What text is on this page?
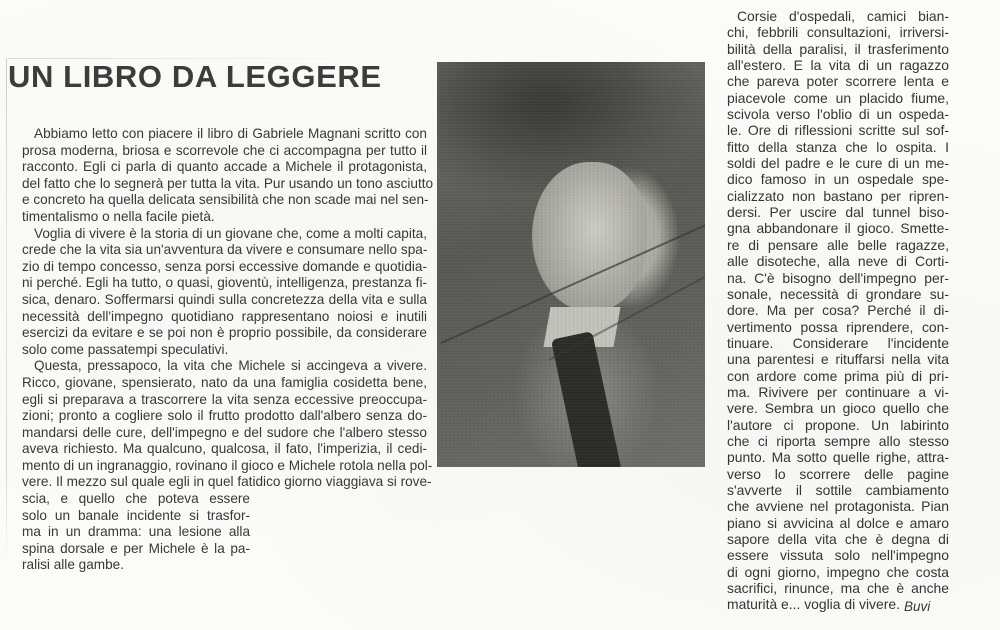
UN LIBRO DA LEGGERE
Abbiamo letto con piacere il libro di Gabriele Magnani scritto con
prosa moderna, briosa e scorrevole che ci accompagna per tutto il
racconto. Egli ci parla di quanto accade a Michele il protagonista,
del fatto che lo segnerà per tutta la vita. Pur usando un tono asciutto
e concreto ha quella delicata sensibilità che non scade mai nel sen-
timentalismo o nella facile pietà.
Voglia di vivere è la storia di un giovane che, come a molti capita,
crede che la vita sia un'avventura da vivere e consumare nello spa-
zio di tempo concesso, senza porsi eccessive domande e quotidia-
ni perché. Egli ha tutto, o quasi, gioventù, intelligenza, prestanza fi-
sica, denaro. Soffermarsi quindi sulla concretezza della vita e sulla
necessità dell'impegno quotidiano rappresentano noiosi e inutili
esercizi da evitare e se poi non è proprio possibile, da considerare
solo come passatempi speculativi.
Questa, pressapoco, la vita che Michele si accingeva a vivere.
Ricco, giovane, spensierato, nato da una famiglia cosidetta bene,
egli si preparava a trascorrere la vita senza eccessive preoccupa-
zioni; pronto a cogliere solo il frutto prodotto dall'albero senza do-
mandarsi delle cure, dell'impegno e del sudore che l'albero stesso
aveva richiesto. Ma qualcuno, qualcosa, il fato, l'imperizia, il cedi-
mento di un ingranaggio, rovinano il gioco e Michele rotola nella pol-
vere. Il mezzo sul quale egli in quel fatidico giorno viaggiava si rove-
scia, e quello che poteva essere
solo un banale incidente si trasfor-
ma in un dramma: una lesione alla
spina dorsale e per Michele è la pa-
ralisi alle gambe.
Corsie d'ospedali, camici bian-
chi, febbrili consultazioni, irriversi-
bilità della paralisi, il trasferimento
all'estero. E la vita di un ragazzo
che pareva poter scorrere lenta e
piacevole come un placido fiume,
scivola verso l'oblio di un ospeda-
le. Ore di riflessioni scritte sul sof-
fitto della stanza che lo ospita. I
soldi del padre e le cure di un me-
dico famoso in un ospedale spe-
cializzato non bastano per ripren-
dersi. Per uscire dal tunnel biso-
gna abbandonare il gioco. Smette-
re di pensare alle belle ragazze,
alle disoteche, alla neve di Corti-
na. C'è bisogno dell'impegno per-
sonale, necessità di grondare su-
dore. Ma per cosa? Perché il di-
vertimento possa riprendere, con-
tinuare. Considerare l'incidente
una parentesi e rituffarsi nella vita
con ardore come prima più di pri-
ma. Rivivere per continuare a vi-
vere. Sembra un gioco quello che
l'autore ci propone. Un labirinto
che ci riporta sempre allo stesso
punto. Ma sotto quelle righe, attra-
verso lo scorrere delle pagine
s'avverte il sottile cambiamento
che avviene nel protagonista. Pian
piano si avvicina al dolce e amaro
sapore della vita che è degna di
essere vissuta solo nell'impegno
di ogni giorno, impegno che costa
sacrifici, rinunce, ma che è anche
maturità e... voglia di vivere. Buvi
